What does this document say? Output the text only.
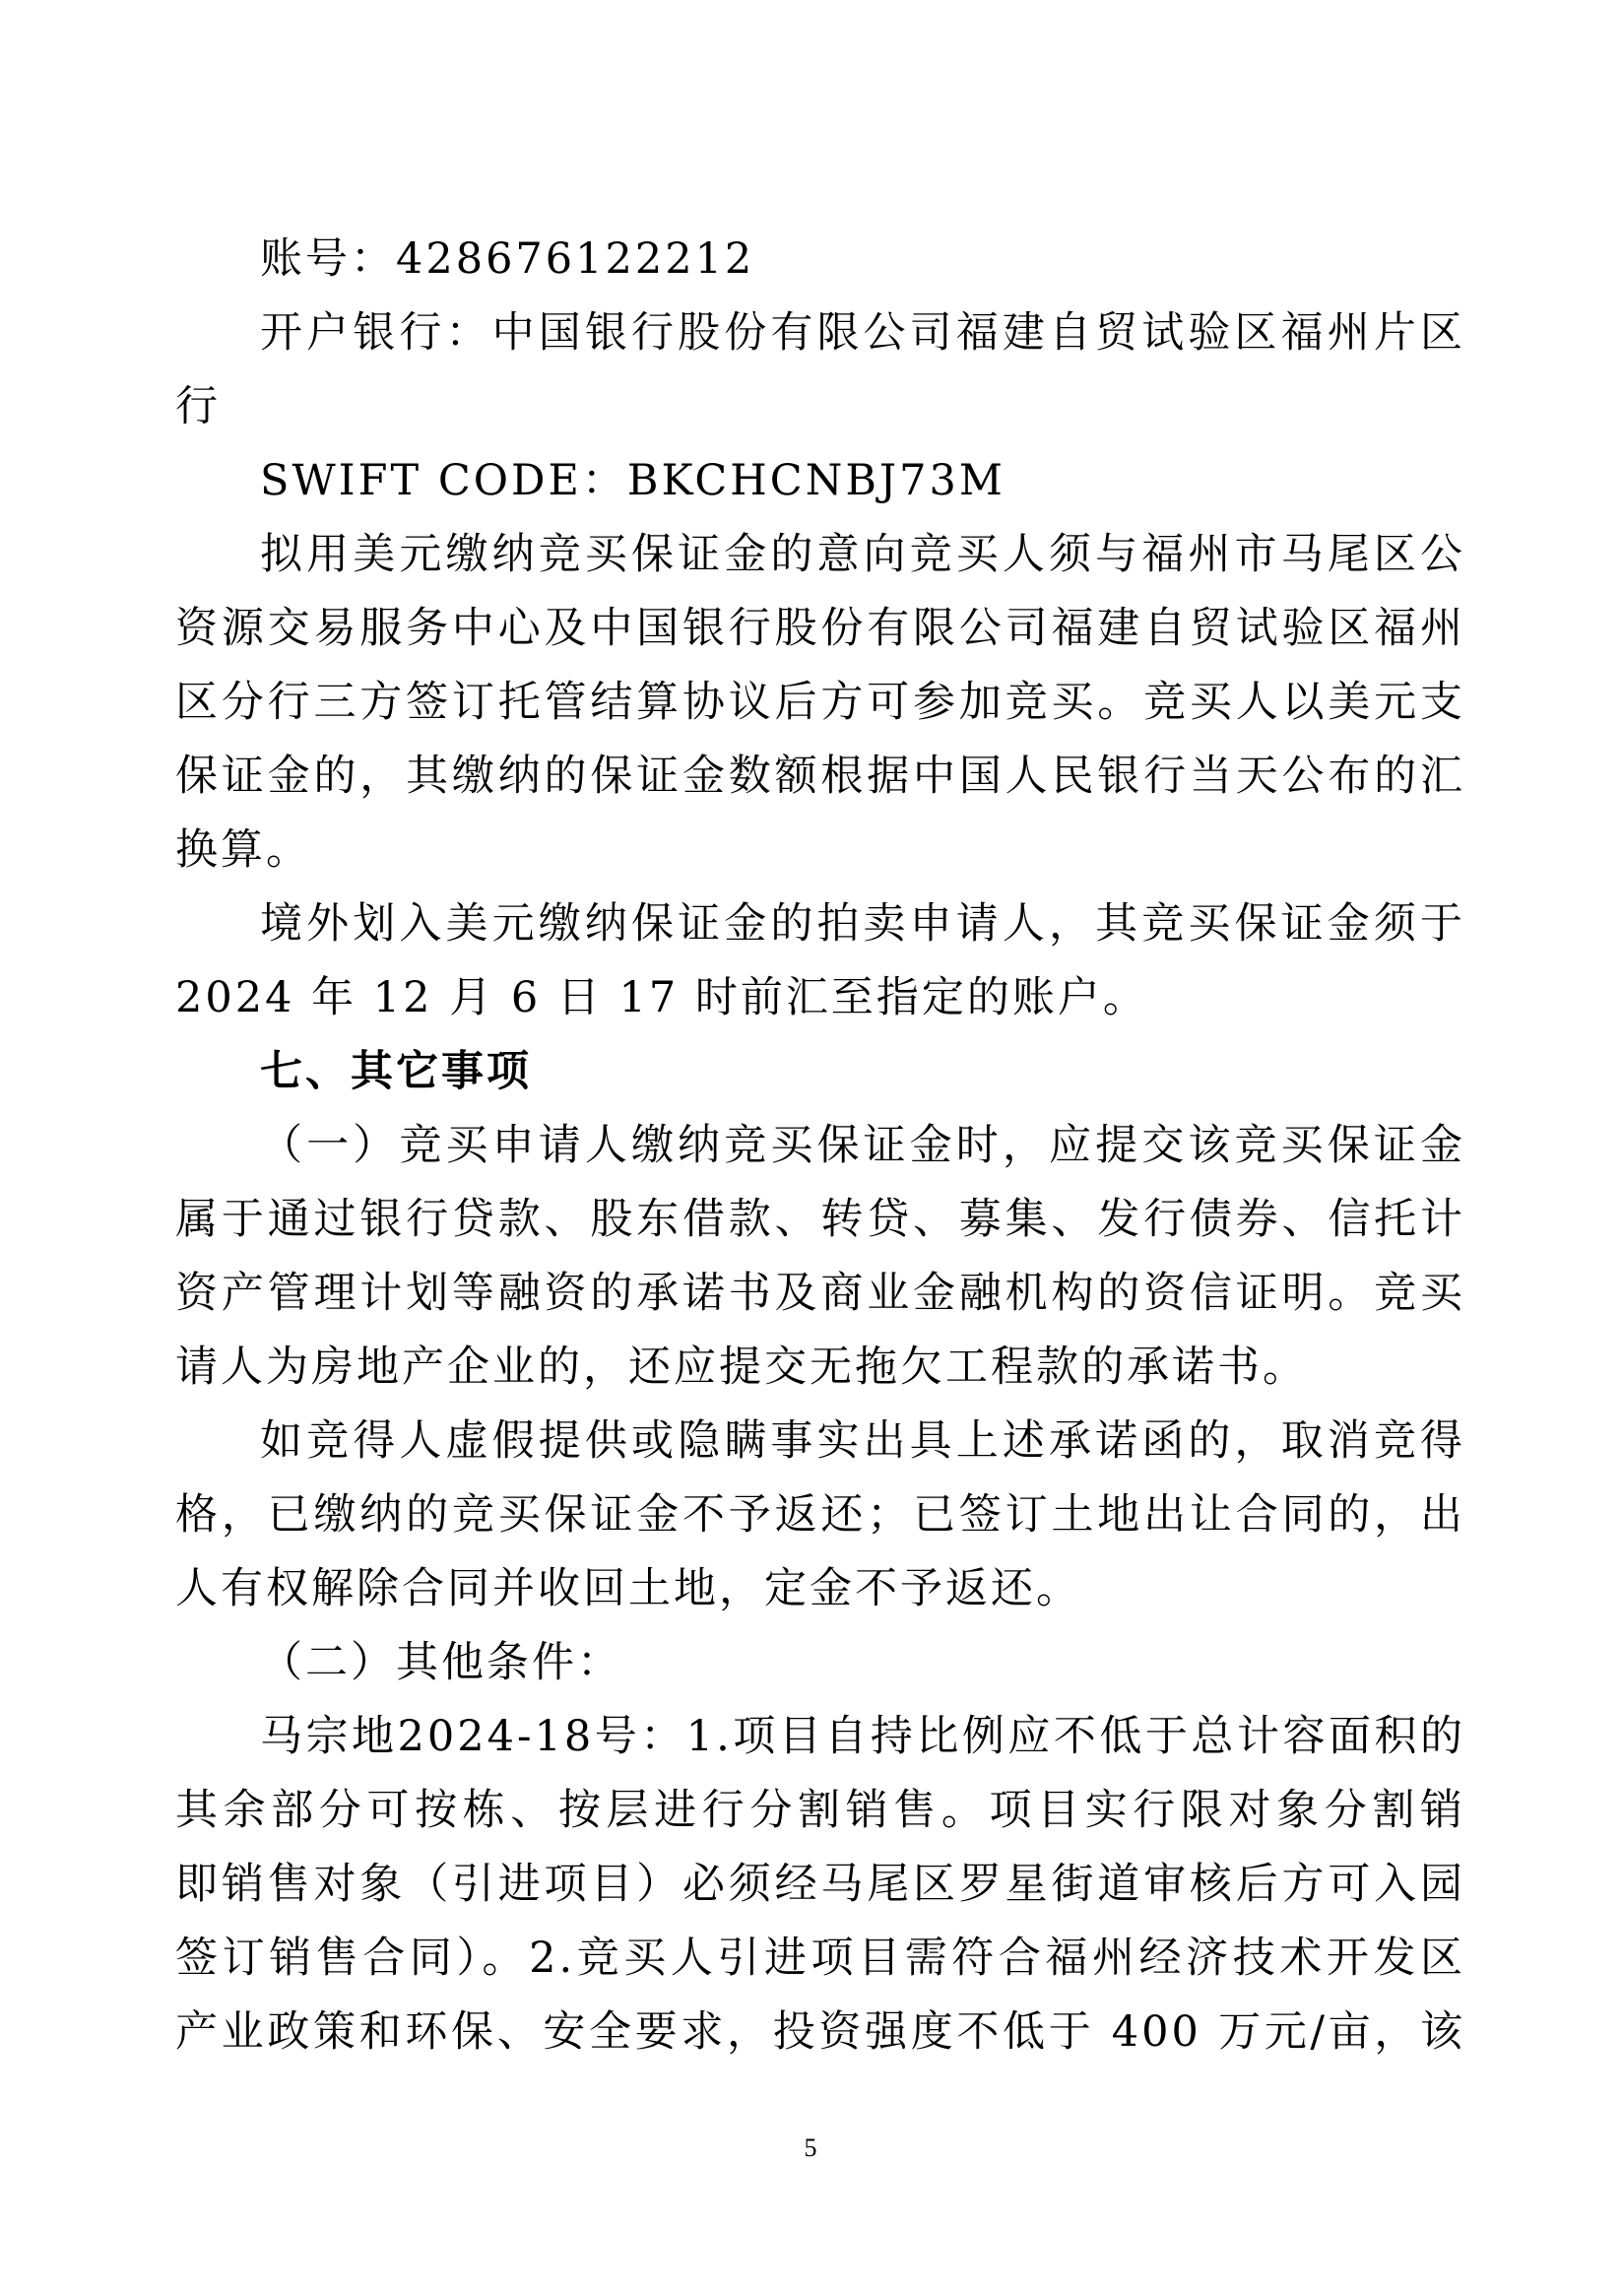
账号：428676122212
开户银行：中国银行股份有限公司福建自贸试验区福州片区
行
SWIFT CODE：BKCHCNBJ73M
拟用美元缴纳竞买保证金的意向竞买人须与福州市马尾区公
资源交易服务中心及中国银行股份有限公司福建自贸试验区福州
区分行三方签订托管结算协议后方可参加竞买。竞买人以美元支
保证金的，其缴纳的保证金数额根据中国人民银行当天公布的汇
换算。
境外划入美元缴纳保证金的拍卖申请人，其竞买保证金须于
2024 年 12 月 6 日 17 时前汇至指定的账户。
七、其它事项
（一）竞买申请人缴纳竞买保证金时，应提交该竞买保证金
属于通过银行贷款、股东借款、转贷、募集、发行债券、信托计
资产管理计划等融资的承诺书及商业金融机构的资信证明。竞买
请人为房地产企业的，还应提交无拖欠工程款的承诺书。
如竞得人虚假提供或隐瞒事实出具上述承诺函的，取消竞得
格，已缴纳的竞买保证金不予返还；已签订土地出让合同的，出
人有权解除合同并收回土地，定金不予返还。
（二）其他条件：
马宗地2024-18号：1.项目自持比例应不低于总计容面积的
其余部分可按栋、按层进行分割销售。项目实行限对象分割销
即销售对象（引进项目）必须经马尾区罗星街道审核后方可入园
签订销售合同）。2.竞买人引进项目需符合福州经济技术开发区
产业政策和环保、安全要求，投资强度不低于 400 万元/亩，该
5
